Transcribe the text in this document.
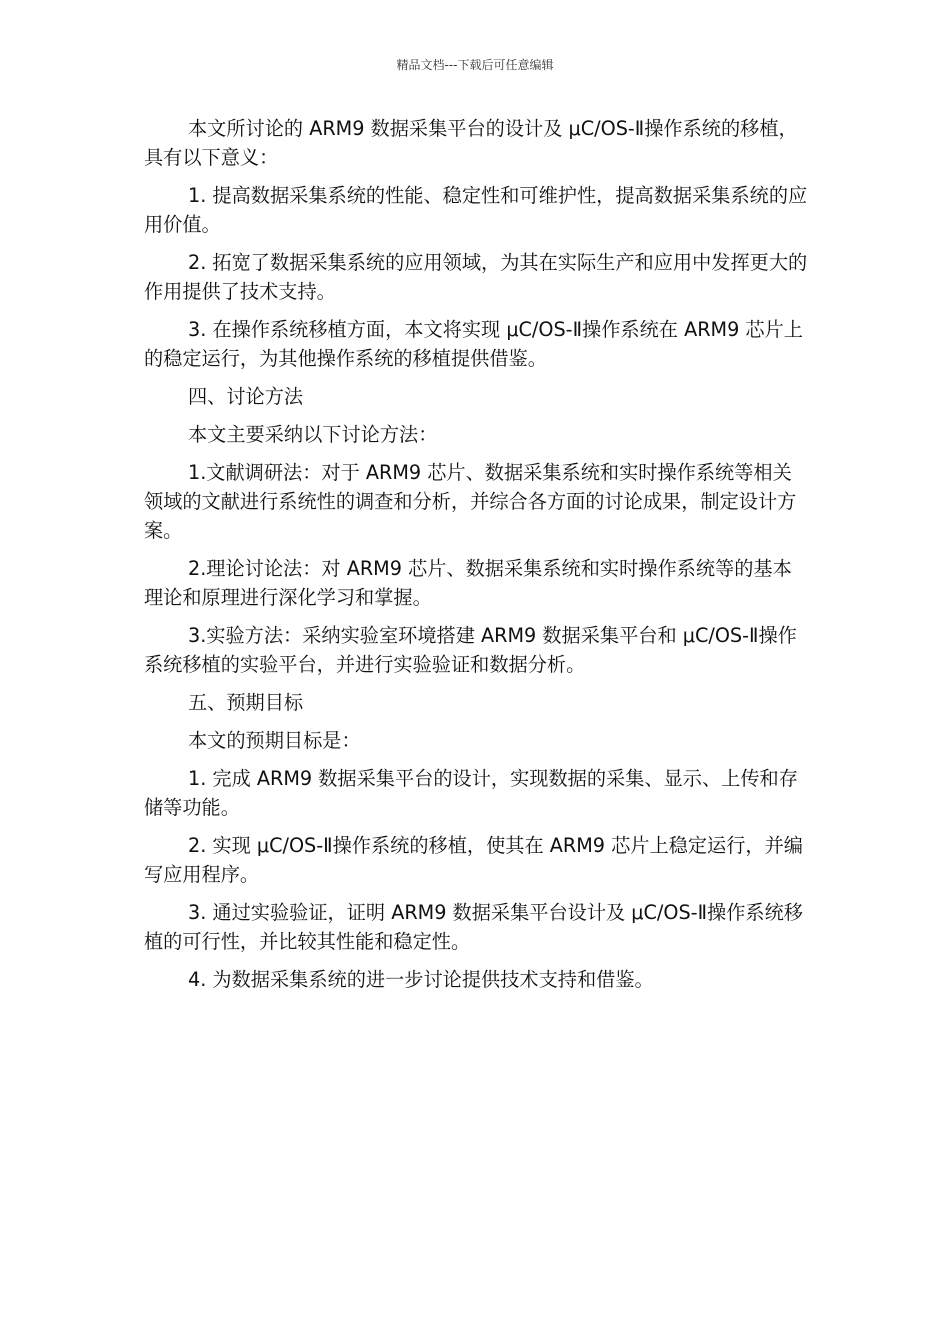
精品文档---下载后可任意编辑

本文所讨论的 ARM9 数据采集平台的设计及 μC/OS-Ⅱ操作系统的移植，具有以下意义：

1. 提高数据采集系统的性能、稳定性和可维护性，提高数据采集系统的应用价值。

2. 拓宽了数据采集系统的应用领域，为其在实际生产和应用中发挥更大的作用提供了技术支持。

3. 在操作系统移植方面，本文将实现 μC/OS-Ⅱ操作系统在 ARM9 芯片上的稳定运行，为其他操作系统的移植提供借鉴。

四、讨论方法

本文主要采纳以下讨论方法：

1.文献调研法：对于 ARM9 芯片、数据采集系统和实时操作系统等相关领域的文献进行系统性的调查和分析，并综合各方面的讨论成果，制定设计方案。

2.理论讨论法：对 ARM9 芯片、数据采集系统和实时操作系统等的基本理论和原理进行深化学习和掌握。

3.实验方法：采纳实验室环境搭建 ARM9 数据采集平台和 μC/OS-Ⅱ操作系统移植的实验平台，并进行实验验证和数据分析。

五、预期目标

本文的预期目标是：

1. 完成 ARM9 数据采集平台的设计，实现数据的采集、显示、上传和存储等功能。

2. 实现 μC/OS-Ⅱ操作系统的移植，使其在 ARM9 芯片上稳定运行，并编写应用程序。

3. 通过实验验证，证明 ARM9 数据采集平台设计及 μC/OS-Ⅱ操作系统移植的可行性，并比较其性能和稳定性。

4. 为数据采集系统的进一步讨论提供技术支持和借鉴。
